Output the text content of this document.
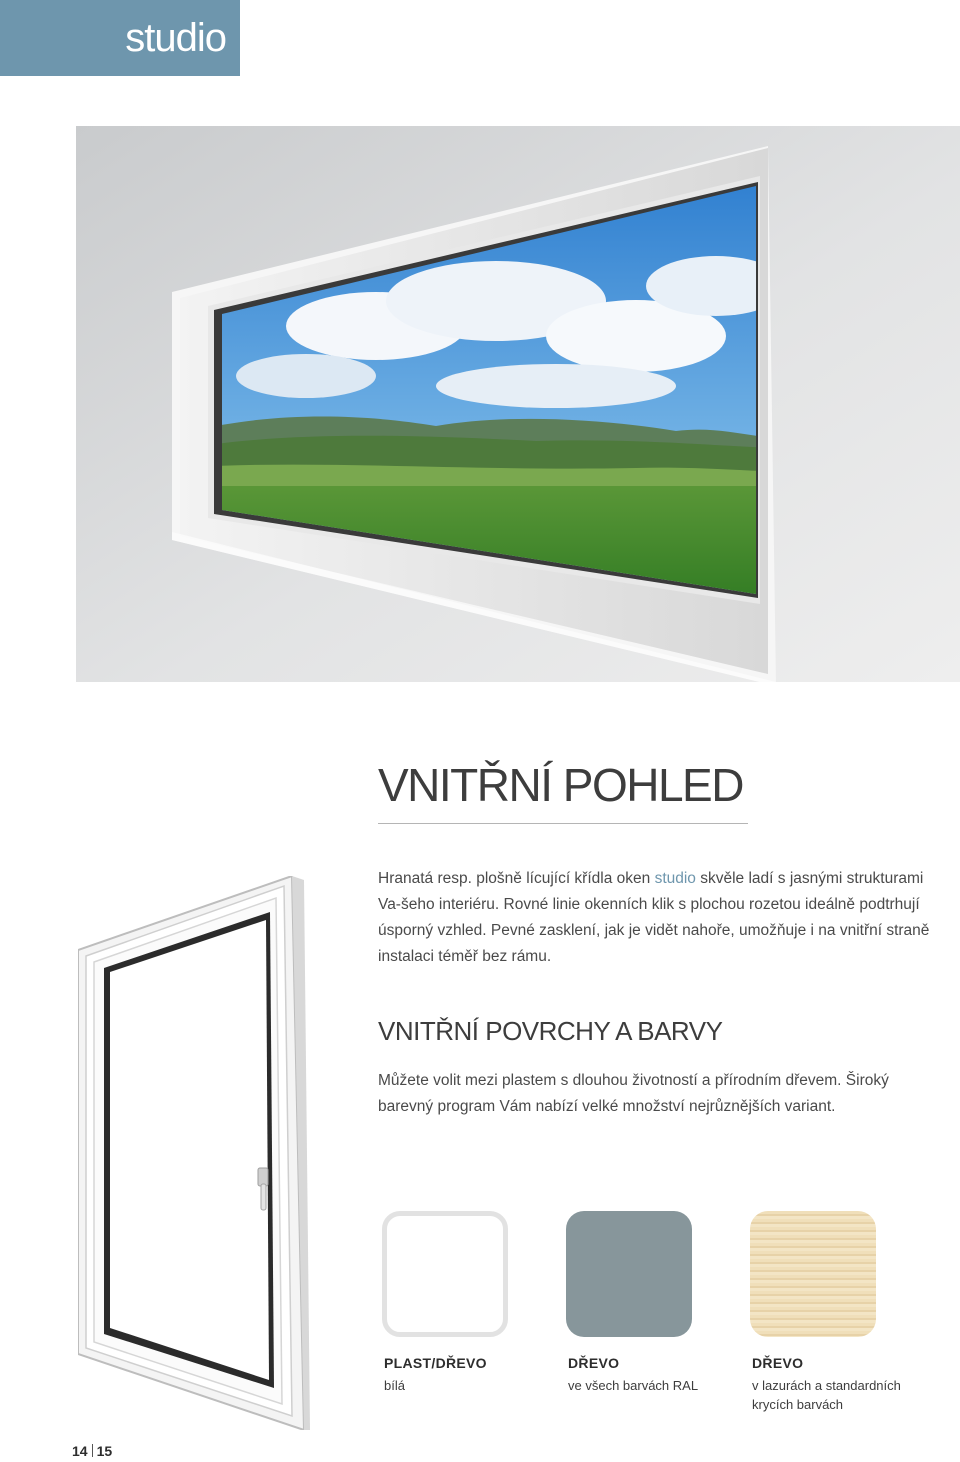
studio
VNITŘNÍ POHLED

Hranatá resp. plošně lícující křídla oken studio skvěle ladí s jasnými strukturami Va-šeho interiéru. Rovné linie okenních klik s plochou rozetou ideálně podtrhují úsporný vzhled. Pevné zasklení, jak je vidět nahoře, umožňuje i na vnitřní straně instalaci téměř bez rámu.

VNITŘNÍ POVRCHY A BARVY

Můžete volit mezi plastem s dlouhou životností a přírodním dřevem. Široký barevný program Vám nabízí velké množství nejrůznějších variant.

PLAST/DŘEVO
bílá
DŘEVO
ve všech barvách RAL
DŘEVO
v lazurách a standardních krycích barvách
14 15
